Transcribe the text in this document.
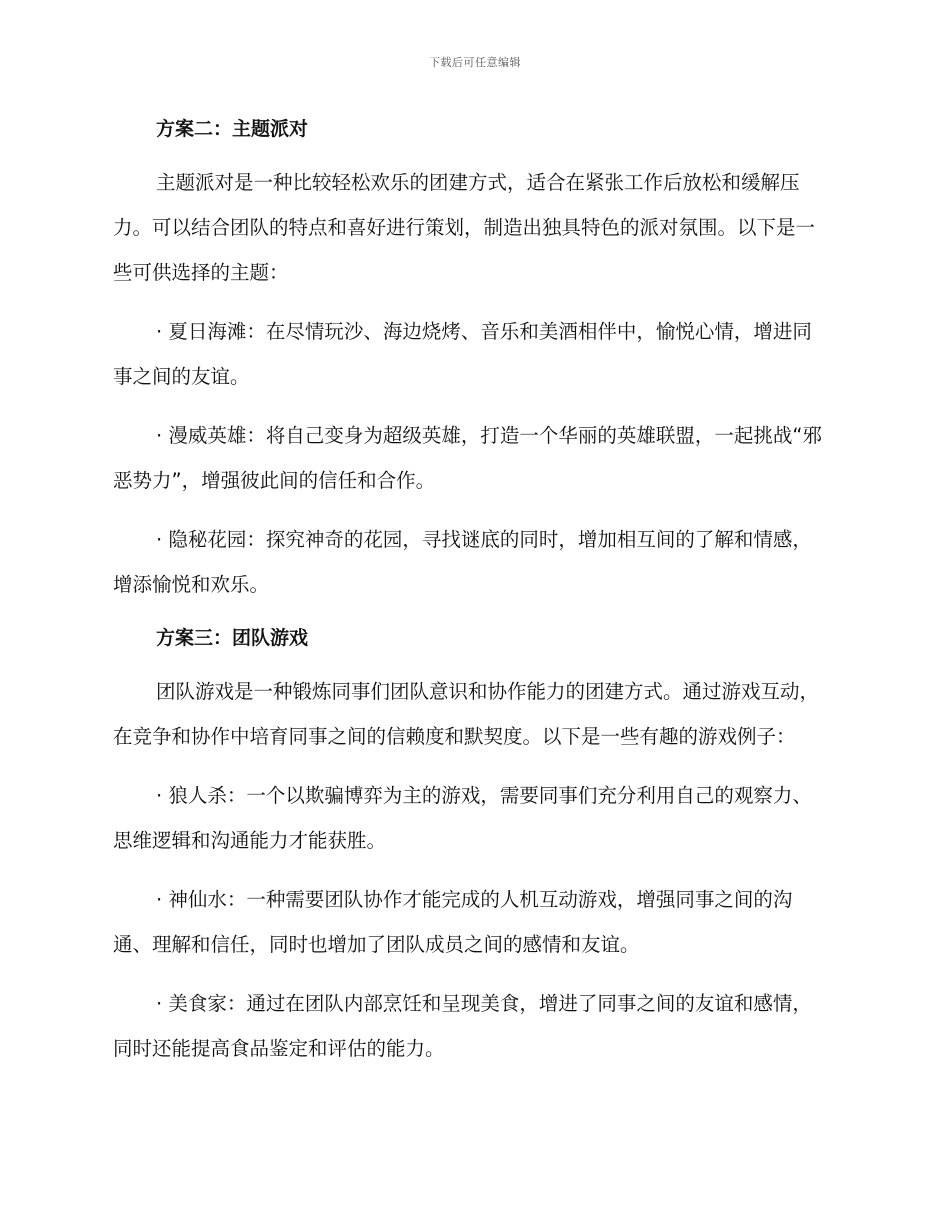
下载后可任意编辑

方案二：主题派对

主题派对是一种比较轻松欢乐的团建方式，适合在紧张工作后放松和缓解压力。可以结合团队的特点和喜好进行策划，制造出独具特色的派对氛围。以下是一些可供选择的主题：

· 夏日海滩：在尽情玩沙、海边烧烤、音乐和美酒相伴中，愉悦心情，增进同事之间的友谊。

· 漫威英雄：将自己变身为超级英雄，打造一个华丽的英雄联盟，一起挑战“邪恶势力”，增强彼此间的信任和合作。

· 隐秘花园：探究神奇的花园，寻找谜底的同时，增加相互间的了解和情感，增添愉悦和欢乐。

方案三：团队游戏

团队游戏是一种锻炼同事们团队意识和协作能力的团建方式。通过游戏互动，在竞争和协作中培育同事之间的信赖度和默契度。以下是一些有趣的游戏例子：

· 狼人杀：一个以欺骗博弈为主的游戏，需要同事们充分利用自己的观察力、思维逻辑和沟通能力才能获胜。

· 神仙水：一种需要团队协作才能完成的人机互动游戏，增强同事之间的沟通、理解和信任，同时也增加了团队成员之间的感情和友谊。

· 美食家：通过在团队内部烹饪和呈现美食，增进了同事之间的友谊和感情，同时还能提高食品鉴定和评估的能力。
